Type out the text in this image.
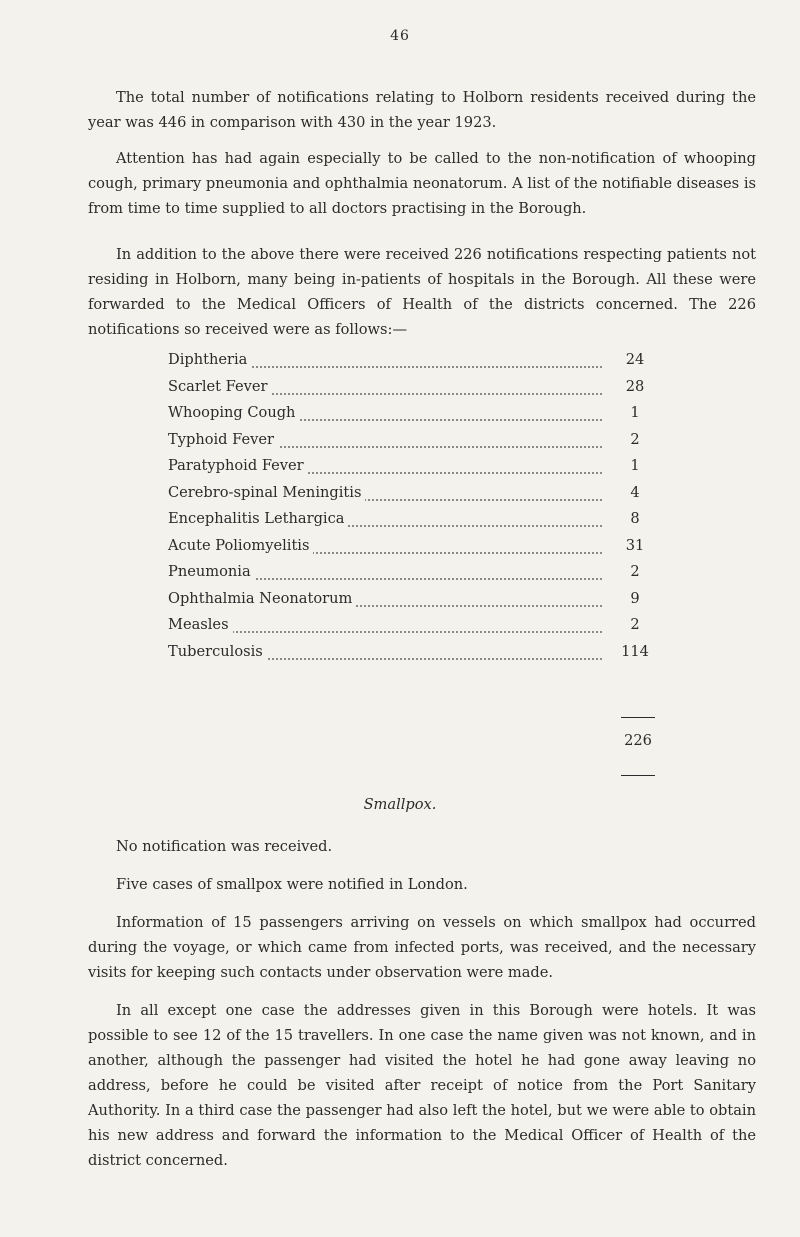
46

The total number of notifications relating to Holborn residents received during the year was 446 in comparison with 430 in the year 1923.

Attention has had again especially to be called to the non-notification of whooping cough, primary pneumonia and ophthalmia neonatorum. A list of the notifiable diseases is from time to time supplied to all doctors practising in the Borough.

In addition to the above there were received 226 notifications respecting patients not residing in Holborn, many being in-patients of hospitals in the Borough. All these were forwarded to the Medical Officers of Health of the districts concerned. The 226 notifications so received were as follows:—

Diphtheria	24
Scarlet Fever	28
Whooping Cough	1
Typhoid Fever	2
Paratyphoid Fever	1
Cerebro-spinal Meningitis	4
Encephalitis Lethargica	8
Acute Poliomyelitis	31
Pneumonia	2
Ophthalmia Neonatorum	9
Measles	2
Tuberculosis	114
226
Smallpox.

No notification was received.

Five cases of smallpox were notified in London.

Information of 15 passengers arriving on vessels on which smallpox had occurred during the voyage, or which came from infected ports, was received, and the necessary visits for keeping such contacts under observation were made.

In all except one case the addresses given in this Borough were hotels. It was possible to see 12 of the 15 travellers. In one case the name given was not known, and in another, although the passenger had visited the hotel he had gone away leaving no address, before he could be visited after receipt of notice from the Port Sanitary Authority. In a third case the passenger had also left the hotel, but we were able to obtain his new address and forward the information to the Medical Officer of Health of the district concerned.
